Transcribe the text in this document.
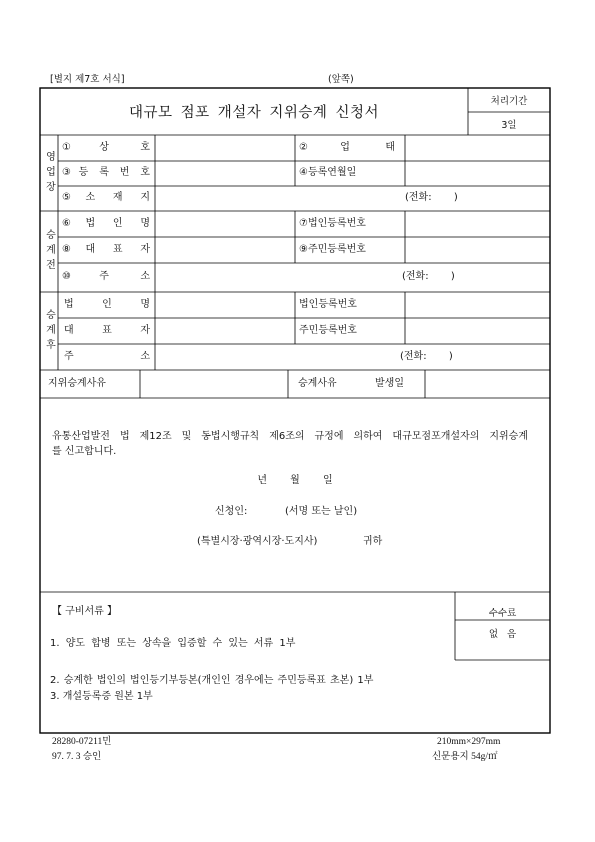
[별지 제7호 서식]	(앞쪽)
대규모 점포 개설자 지위승계 신청서
처리기간
3일
영업장
①상 호	②업 태
③등 록 번 호	④등록연월일
⑤소 재 지	(전화:       )
승계전
⑥법 인 명	⑦법인등록번호
⑧대 표 자	⑨주민등록번호
⑩주 소	(전화:       )
승계후
법 인 명	법인등록번호
대 표 자	주민등록번호
주 소	(전화:       )
지위승계사유	승계사유	발생일
유통산업발전 법 제12조 및 동법시행규칙 제6조의 규정에 의하여 대규모점포개설자의 지위승계
를 신고합니다.
년 월 일
신청인:	(서명 또는 날인)
(특별시장·광역시장·도지사)	귀하
【 구비서류 】
1. 양도 합병 또는 상속을 입증할 수 있는 서류 1부
2. 승계한 법인의 법인등기부등본(개인인 경우에는 주민등록표 초본) 1부
3. 개설등록증 원본 1부
수수료
없 음
28280-07211민	210mm×297mm
97. 7. 3 승인	신문용지 54g/㎡
